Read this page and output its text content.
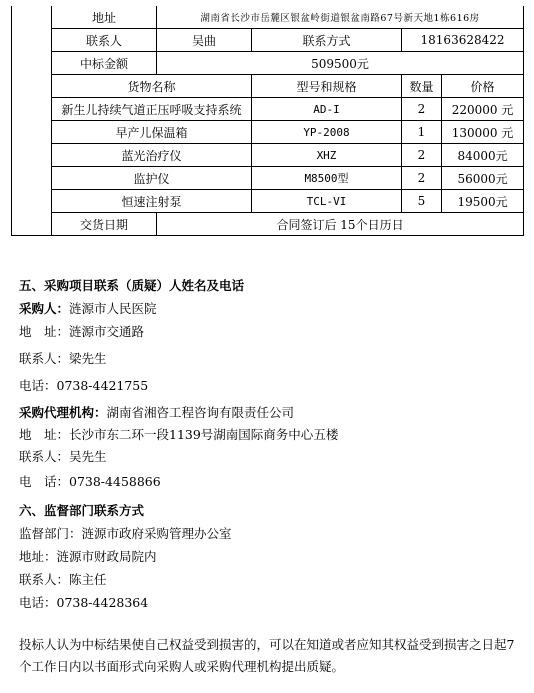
	地址	湖南省长沙市岳麓区银盆岭街道银盆南路67号新天地1栋616房			
	联系人	吴曲	联系方式	18163628422	
	中标金额	509500元			
	货物名称		型号和规格	数量	价格
	新生儿持续气道正压呼吸支持系统		AD-I	2	220000 元
	早产儿保温箱		YP-2008	1	130000 元
	蓝光治疗仪		XHZ	2	84000元
	监护仪		M8500型	2	56000元
	恒速注射泵		TCL-VI	5	19500元
	交货日期	合同签订后 15个日历日			
五、采购项目联系（质疑）人姓名及电话
采购人：涟源市人民医院
地　址：涟源市交通路
联系人：梁先生
电话：0738-4421755
采购代理机构：湖南省湘咨工程咨询有限责任公司
地　址：长沙市东二环一段1139号湖南国际商务中心五楼
联系人：吴先生
电　话：0738-4458866
六、监督部门联系方式
监督部门：涟源市政府采购管理办公室
地址：涟源市财政局院内
联系人：陈主任
电话：0738-4428364
投标人认为中标结果使自己权益受到损害的，可以在知道或者应知其权益受到损害之日起7个工作日内以书面形式向采购人或采购代理机构提出质疑。
